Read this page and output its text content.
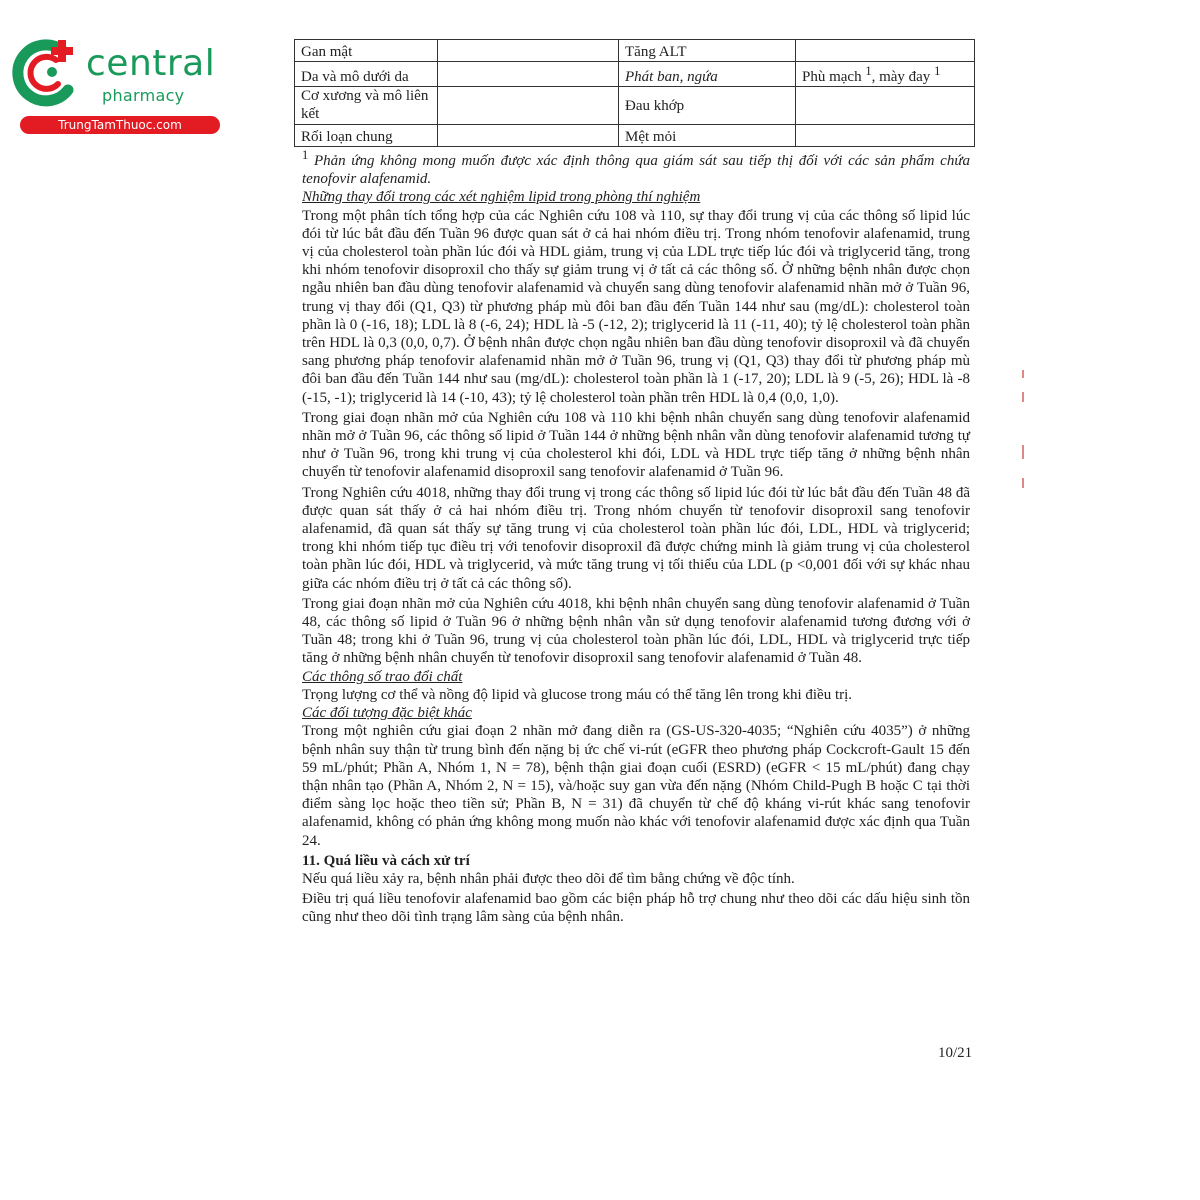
central
pharmacy
TrungTamThuoc.com
Gan mật		Tăng ALT	
Da và mô dưới da		Phát ban, ngứa	Phù mạch $^1$, mày đay $^1$
Cơ xương và mô liên kết		Đau khớp	
Rối loạn chung		Mệt mỏi	

$^1$ Phản ứng không mong muốn được xác định thông qua giám sát sau tiếp thị đối với các sản phẩm chứa tenofovir alafenamid.

Những thay đổi trong các xét nghiệm lipid trong phòng thí nghiệm

Trong một phân tích tổng hợp của các Nghiên cứu 108 và 110, sự thay đổi trung vị của các thông số lipid lúc đói từ lúc bắt đầu đến Tuần 96 được quan sát ở cả hai nhóm điều trị. Trong nhóm tenofovir alafenamid, trung vị của cholesterol toàn phần lúc đói và HDL giảm, trung vị của LDL trực tiếp lúc đói và triglycerid tăng, trong khi nhóm tenofovir disoproxil cho thấy sự giảm trung vị ở tất cả các thông số. Ở những bệnh nhân được chọn ngẫu nhiên ban đầu dùng tenofovir alafenamid và chuyển sang dùng tenofovir alafenamid nhãn mở ở Tuần 96, trung vị thay đổi (Q1, Q3) từ phương pháp mù đôi ban đầu đến Tuần 144 như sau (mg/dL): cholesterol toàn phần là 0 (-16, 18); LDL là 8 (-6, 24); HDL là -5 (-12, 2); triglycerid là 11 (-11, 40); tỷ lệ cholesterol toàn phần trên HDL là 0,3 (0,0, 0,7). Ở bệnh nhân được chọn ngẫu nhiên ban đầu dùng tenofovir disoproxil và đã chuyển sang phương pháp tenofovir alafenamid nhãn mở ở Tuần 96, trung vị (Q1, Q3) thay đổi từ phương pháp mù đôi ban đầu đến Tuần 144 như sau (mg/dL): cholesterol toàn phần là 1 (-17, 20); LDL là 9 (-5, 26); HDL là -8 (-15, -1); triglycerid là 14 (-10, 43); tỷ lệ cholesterol toàn phần trên HDL là 0,4 (0,0, 1,0).

Trong giai đoạn nhãn mở của Nghiên cứu 108 và 110 khi bệnh nhân chuyển sang dùng tenofovir alafenamid nhãn mở ở Tuần 96, các thông số lipid ở Tuần 144 ở những bệnh nhân vẫn dùng tenofovir alafenamid tương tự như ở Tuần 96, trong khi trung vị của cholesterol khi đói, LDL và HDL trực tiếp tăng ở những bệnh nhân chuyển từ tenofovir alafenamid disoproxil sang tenofovir alafenamid ở Tuần 96.

Trong Nghiên cứu 4018, những thay đổi trung vị trong các thông số lipid lúc đói từ lúc bắt đầu đến Tuần 48 đã được quan sát thấy ở cả hai nhóm điều trị. Trong nhóm chuyển từ tenofovir disoproxil sang tenofovir alafenamid, đã quan sát thấy sự tăng trung vị của cholesterol toàn phần lúc đói, LDL, HDL và triglycerid; trong khi nhóm tiếp tục điều trị với tenofovir disoproxil đã được chứng minh là giảm trung vị của cholesterol toàn phần lúc đói, HDL và triglycerid, và mức tăng trung vị tối thiểu của LDL (p <0,001 đối với sự khác nhau giữa các nhóm điều trị ở tất cả các thông số).

Trong giai đoạn nhãn mở của Nghiên cứu 4018, khi bệnh nhân chuyển sang dùng tenofovir alafenamid ở Tuần 48, các thông số lipid ở Tuần 96 ở những bệnh nhân vẫn sử dụng tenofovir alafenamid tương đương với ở Tuần 48; trong khi ở Tuần 96, trung vị của cholesterol toàn phần lúc đói, LDL, HDL và triglycerid trực tiếp tăng ở những bệnh nhân chuyển từ tenofovir disoproxil sang tenofovir alafenamid ở Tuần 48.

Các thông số trao đổi chất

Trọng lượng cơ thể và nồng độ lipid và glucose trong máu có thể tăng lên trong khi điều trị.

Các đối tượng đặc biệt khác

Trong một nghiên cứu giai đoạn 2 nhãn mở đang diễn ra (GS-US-320-4035; “Nghiên cứu 4035”) ở những bệnh nhân suy thận từ trung bình đến nặng bị ức chế vi-rút (eGFR theo phương pháp Cockcroft-Gault 15 đến 59 mL/phút; Phần A, Nhóm 1, N = 78), bệnh thận giai đoạn cuối (ESRD) (eGFR < 15 mL/phút) đang chạy thận nhân tạo (Phần A, Nhóm 2, N = 15), và/hoặc suy gan vừa đến nặng (Nhóm Child-Pugh B hoặc C tại thời điểm sàng lọc hoặc theo tiền sử; Phần B, N = 31) đã chuyển từ chế độ kháng vi-rút khác sang tenofovir alafenamid, không có phản ứng không mong muốn nào khác với tenofovir alafenamid được xác định qua Tuần 24.

11. Quá liều và cách xử trí

Nếu quá liều xảy ra, bệnh nhân phải được theo dõi để tìm bằng chứng về độc tính.

Điều trị quá liều tenofovir alafenamid bao gồm các biện pháp hỗ trợ chung như theo dõi các dấu hiệu sinh tồn cũng như theo dõi tình trạng lâm sàng của bệnh nhân.

10/21
